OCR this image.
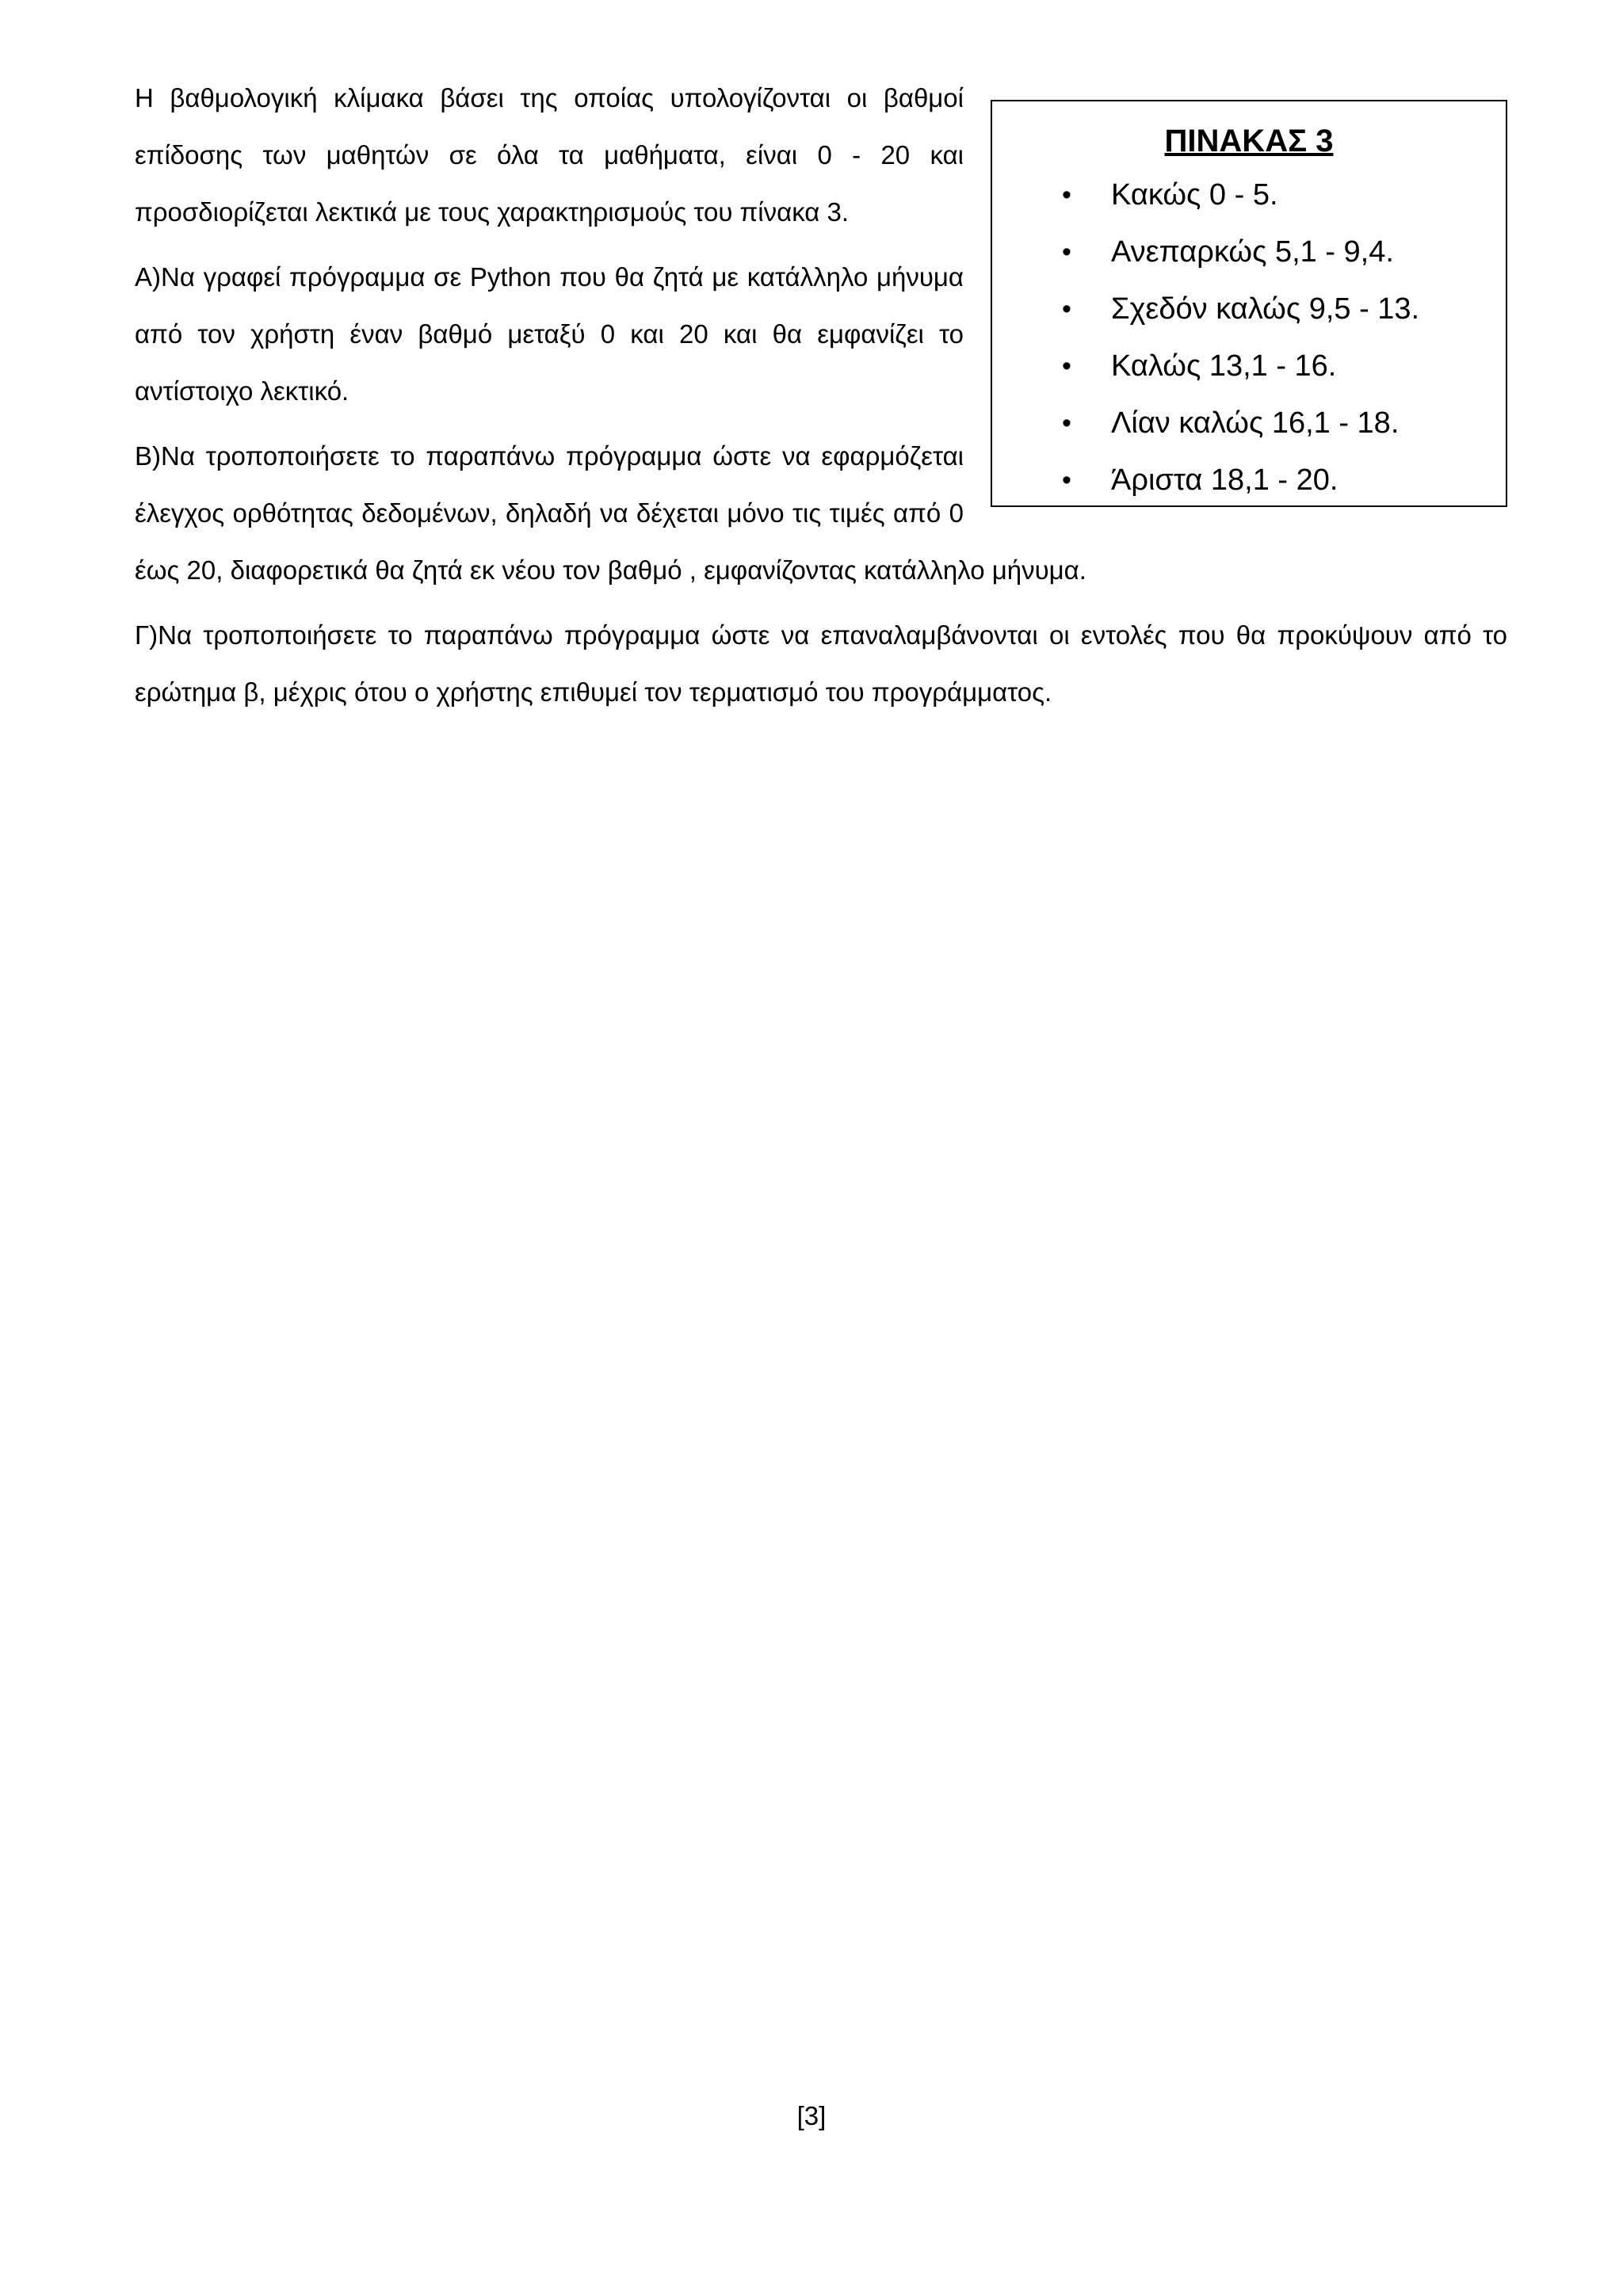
ΠΙΝΑΚΑΣ 3
• Κακώς 0 - 5.
• Ανεπαρκώς 5,1 - 9,4.
• Σχεδόν καλώς 9,5 - 13.
• Καλώς 13,1 - 16.
• Λίαν καλώς 16,1 - 18.
• Άριστα 18,1 - 20.

Η βαθμολογική κλίμακα βάσει της οποίας υπολογίζονται οι βαθμοί επίδοσης των μαθητών σε όλα τα μαθήματα, είναι 0 - 20 και προσδιορίζεται λεκτικά με τους χαρακτηρισμούς του πίνακα 3.

Α)Να γραφεί πρόγραμμα σε Python που θα ζητά με κατάλληλο μήνυμα από τον χρήστη έναν βαθμό μεταξύ 0 και 20 και θα εμφανίζει το αντίστοιχο λεκτικό.

Β)Να τροποποιήσετε το παραπάνω πρόγραμμα ώστε να εφαρμόζεται έλεγχος ορθότητας δεδομένων, δηλαδή να δέχεται μόνο τις τιμές από 0 έως 20, διαφορετικά θα ζητά εκ νέου τον βαθμό , εμφανίζοντας κατάλληλο μήνυμα.

Γ)Να τροποποιήσετε το παραπάνω πρόγραμμα ώστε να επαναλαμβάνονται οι εντολές που θα προκύψουν από το ερώτημα β, μέχρις ότου ο χρήστης επιθυμεί τον τερματισμό του προγράμματος.

[3]
